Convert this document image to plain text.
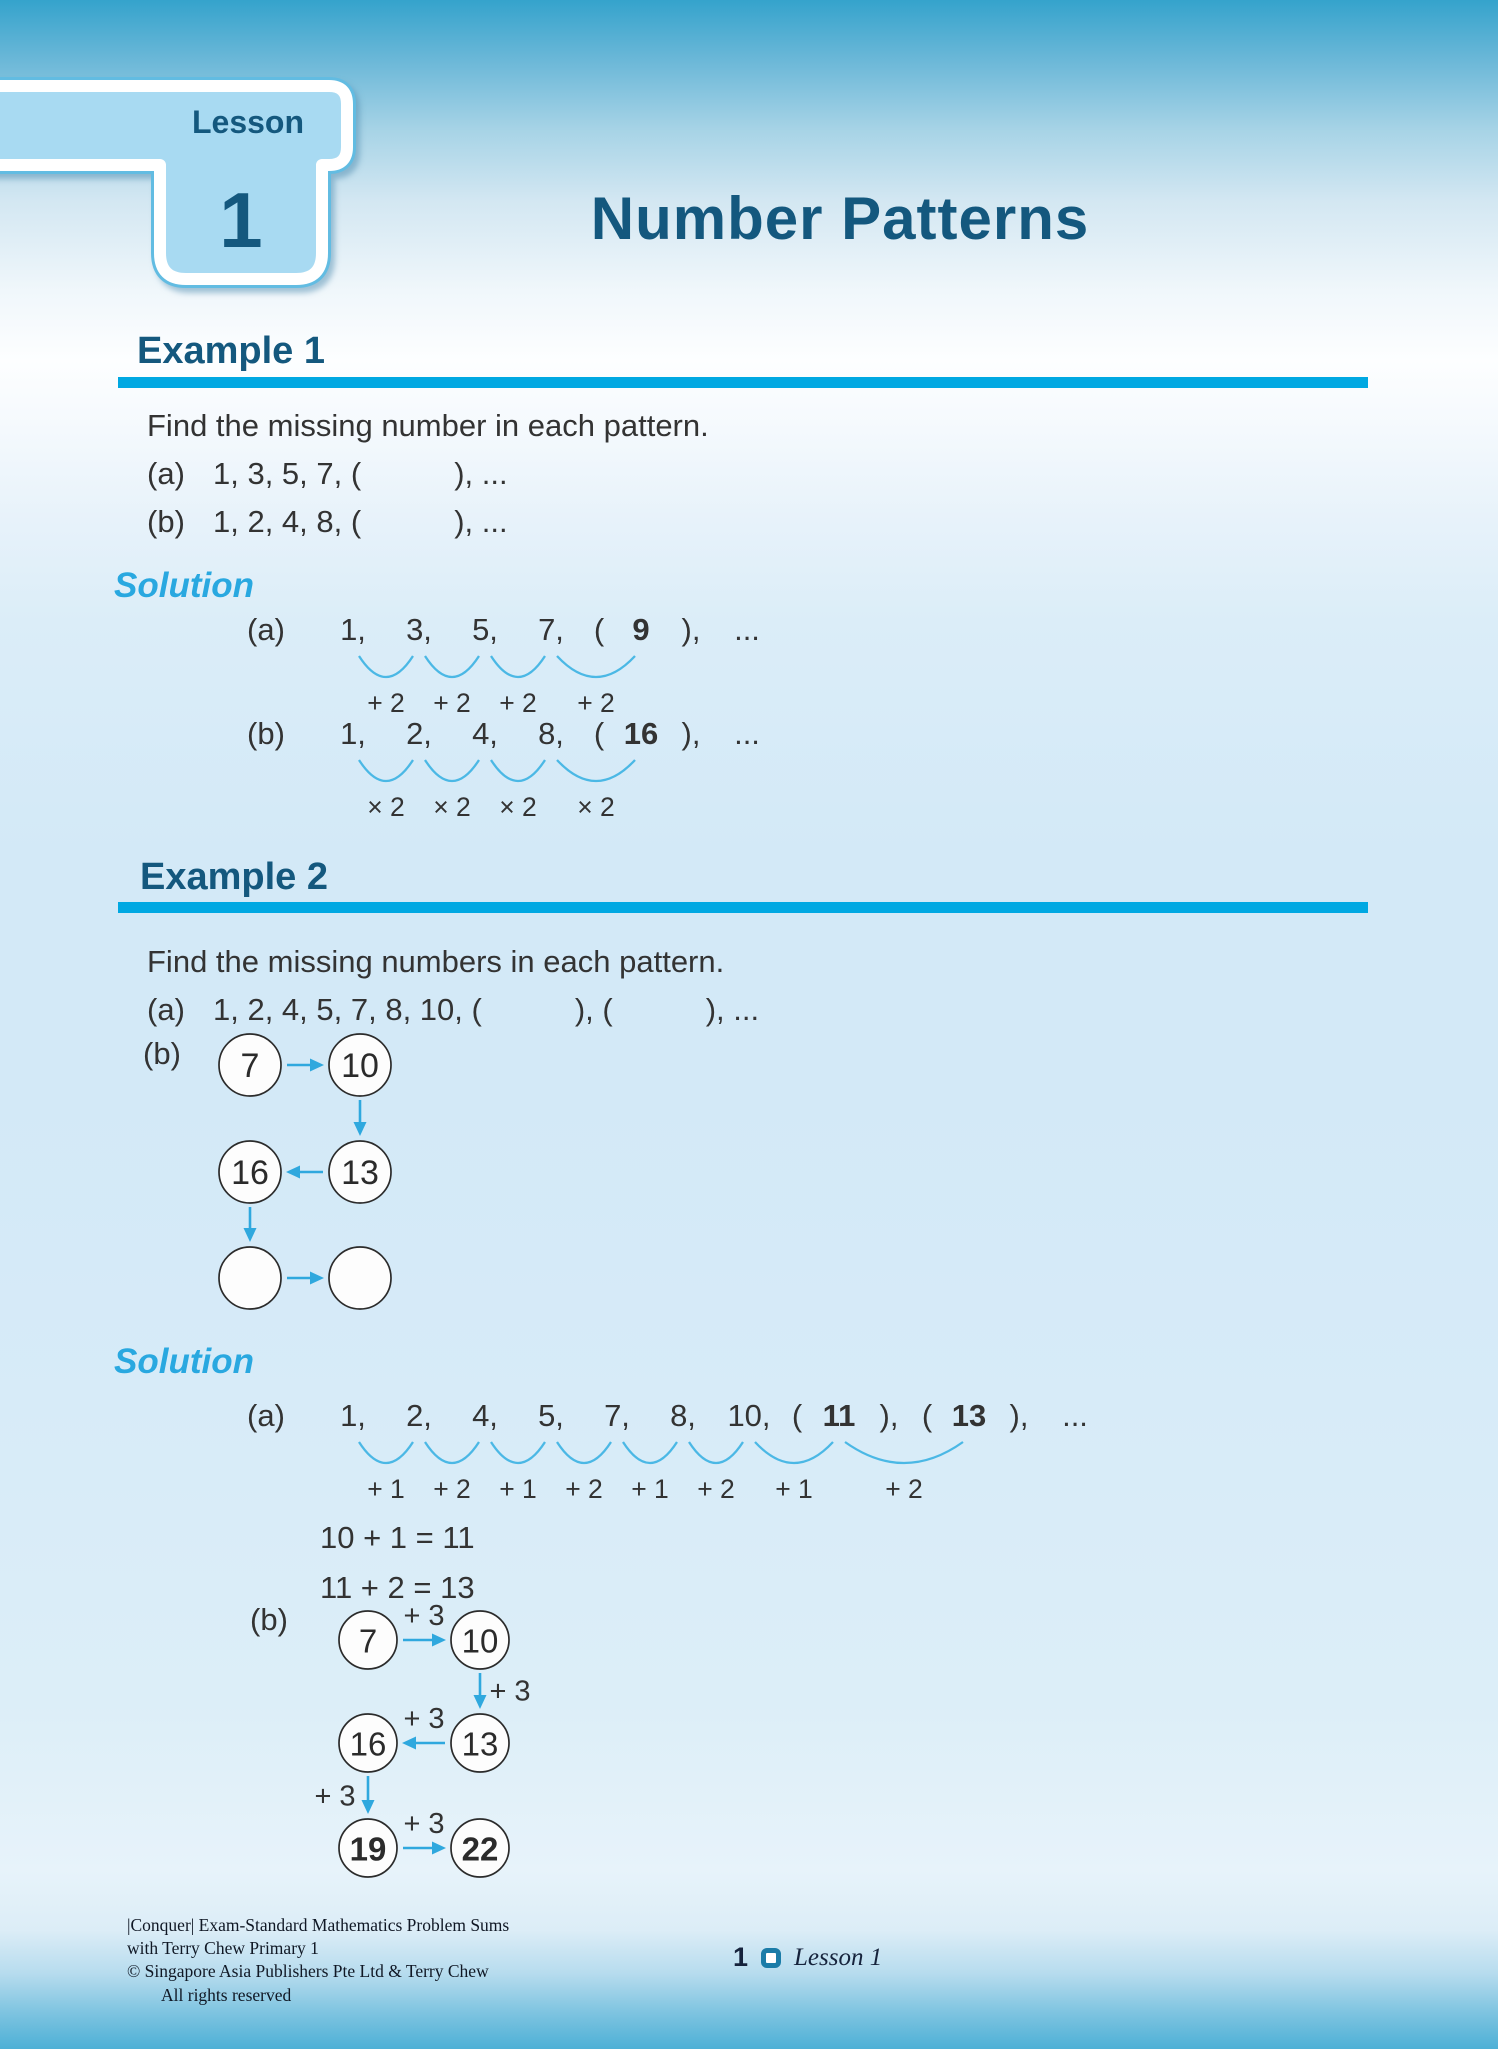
Lesson
1	Number Patterns
Example 1
Find the missing number in each pattern.
(a) 1, 3, 5, 7, (   ), ...
(b) 1, 2, 4, 8, (   ), ...
Solution
(a) 1, 3, 5, 7, ( 9 ), ...
+ 2 + 2 + 2 + 2
(b) 1, 2, 4, 8, ( 16 ), ...
× 2 × 2 × 2 × 2
Example 2
Find the missing numbers in each pattern.
(a) 1, 2, 4, 5, 7, 8, 10, (   ), (   ), ...
(b) 7 10
16 13
Solution
(a) 1, 2, 4, 5, 7, 8, 10, ( 11 ), ( 13 ), ...
+ 1 + 2 + 1 + 2 + 1 + 2 + 1	+ 2
10 + 1 = 11
11 + 2 = 13
(b)
7	10
16 13
19 22
+ 3
+ 3
+ 3
+ 3
+ 3
|Conquer| Exam-Standard Mathematics Problem Sums
with Terry Chew Primary 1
© Singapore Asia Publishers Pte Ltd & Terry Chew
All rights reserved
1 Lesson 1
